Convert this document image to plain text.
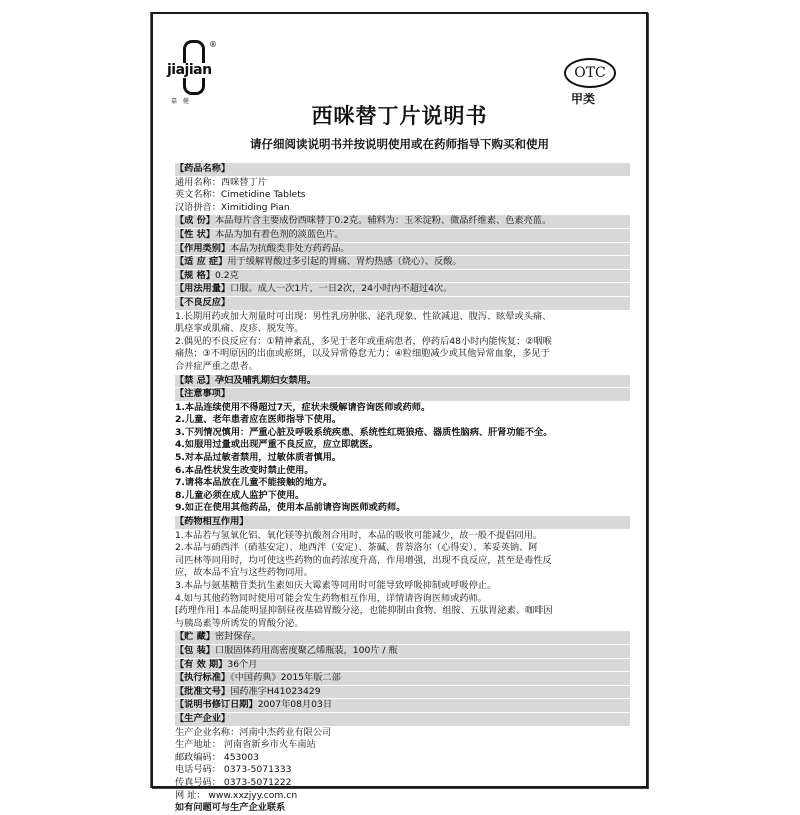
®
jiajian
嘉健
OTC
甲类
西咪替丁片说明书
请仔细阅读说明书并按说明使用或在药师指导下购买和使用
【药品名称】
通用名称：西咪替丁片
英文名称：Cimetidine Tablets
汉语拼音：Ximitiding Pian
【成 份】本品每片含主要成份西咪替丁0.2克。辅料为：玉米淀粉、微晶纤维素、色素亮蓝。
【性 状】本品为加有着色剂的淡蓝色片。
【作用类别】本品为抗酸类非处方药药品。
【适 应 症】用于缓解胃酸过多引起的胃痛、胃灼热感（烧心）、反酸。
【规 格】0.2克
【用法用量】口服。成人一次1片，一日2次，24小时内不超过4次。
【不良反应】
1.长期用药或加大剂量时可出现：男性乳房肿胀、泌乳现象、性欲减退、腹泻、眩晕或头痛、
肌痉挛或肌痛、皮疹、脱发等。
2.偶见的不良反应有：①精神紊乱，多见于老年或重病患者，停药后48小时内能恢复；②咽喉
痛热；③不明原因的出血或瘀斑，以及异常倦怠无力；④粒细胞减少或其他异常血象，多见于
合并症严重之患者。
【禁 忌】孕妇及哺乳期妇女禁用。
【注意事项】
1.本品连续使用不得超过7天，症状未缓解请咨询医师或药师。
2.儿童、老年患者应在医师指导下使用。
3.下列情况慎用：严重心脏及呼吸系统疾患、系统性红斑狼疮、器质性脑病、肝肾功能不全。
4.如服用过量或出现严重不良反应，应立即就医。
5.对本品过敏者禁用，过敏体质者慎用。
6.本品性状发生改变时禁止使用。
7.请将本品放在儿童不能接触的地方。
8.儿童必须在成人监护下使用。
9.如正在使用其他药品，使用本品前请咨询医师或药师。
【药物相互作用】
1.本品若与氢氧化铝、氧化镁等抗酸剂合用时，本品的吸收可能减少，故一般不提倡同用。
2.本品与硝西泮（硝基安定）、地西泮（安定）、茶碱、普萘洛尔（心得安）、苯妥英钠、阿
司匹林等同用时，均可使这些药物的血药浓度升高，作用增强，出现不良反应，甚至是毒性反
应，故本品不宜与这些药物同用。
3.本品与氨基糖苷类抗生素如庆大霉素等同用时可能导致呼吸抑制或呼吸停止。
4.如与其他药物同时使用可能会发生药物相互作用，详情请咨询医师或药师。
[药理作用] 本品能明显抑制昼夜基础胃酸分泌，也能抑制由食物、组胺、五肽胃泌素、咖啡因
与胰岛素等所诱发的胃酸分泌。
【贮 藏】密封保存。
【包 装】口服固体药用高密度聚乙烯瓶装，100片 / 瓶
【有 效 期】36个月
【执行标准】《中国药典》2015年版二部
【批准文号】国药准字H41023429
【说明书修订日期】2007年08月03日
【生产企业】
生产企业名称：河南中杰药业有限公司
生产地址： 河南省新乡市火车南站
邮政编码： 453003
电话号码： 0373-5071333
传真号码： 0373-5071222
网 址： www.xxzjyy.com.cn
如有问题可与生产企业联系
